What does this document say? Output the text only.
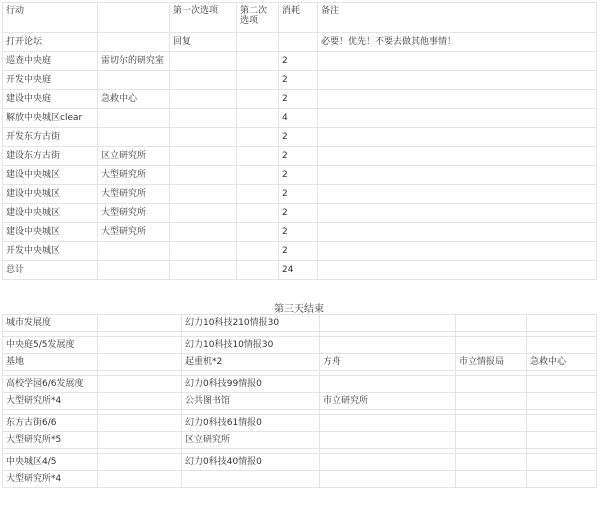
行动		第一次选项	第二次
选项	消耗	备注
打开论坛		回复			必要！优先！不要去做其他事情！
巡查中央庭	雷切尔的研究室			2	
开发中央庭				2	
建设中央庭	急救中心			2	
解放中央城区clear				4	
开发东方古街				2	
建设东方古街	区立研究所			2	
建设中央城区	大型研究所			2	
建设中央城区	大型研究所			2	
建设中央城区	大型研究所			2	
建设中央城区	大型研究所			2	
开发中央城区				2	
总计				24	
第三天结束
城市发展度		幻力10科技210情报30			

中央庭5/5发展度		幻力10科技10情报30			
基地		起重机*2	方舟	市立情报局	急救中心

高校学园6/6发展度		幻力0科技99情报0			
大型研究所*4		公共图书馆	市立研究所		

东方古街6/6		幻力0科技61情报0			
大型研究所*5		区立研究所			

中央城区4/5		幻力0科技40情报0			
大型研究所*4					
